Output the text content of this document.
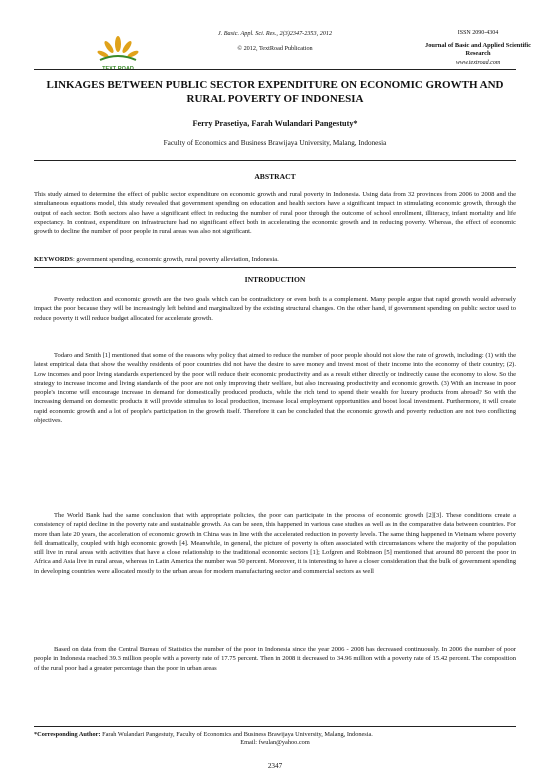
J. Basic. Appl. Sci. Res., 2(3)2347-2353, 2012
© 2012, TextRoad Publication
ISSN 2090-4304
Journal of Basic and Applied Scientific Research
www.textroad.com
LINKAGES BETWEEN PUBLIC SECTOR EXPENDITURE ON ECONOMIC GROWTH AND RURAL POVERTY OF INDONESIA
Ferry Prasetiya, Farah Wulandari Pangestuty*
Faculty of Economics and Business Brawijaya University, Malang, Indonesia
ABSTRACT

This study aimed to determine the effect of public sector expenditure on economic growth and rural poverty in Indonesia. Using data from 32 provinces from 2006 to 2008 and the simultaneous equations model, this study revealed that government spending on education and health sectors have a significant impact in stimulating economic growth, through the output of each sector. Both sectors also have a significant effect in reducing the number of rural poor through the outcome of school enrollment, illiteracy, infant mortality and life expectancy. In contrast, expenditure on infrastructure had no significant effect both in accelerating the economic growth and in reducing poverty. Whereas, the effect of economic growth to decline the number of poor people in rural areas was also not significant.

KEYWORDS: government spending, economic growth, rural poverty alleviation, Indonesia.
INTRODUCTION

Poverty reduction and economic growth are the two goals which can be contradictory or even both is a complement. Many people argue that rapid growth would adversely impact the poor because they will be increasingly left behind and marginalized by the existing structural changes. On the other hand, if government spending on public sector used to reduce poverty it will reduce budget allocated for accelerate growth.

Todaro and Smith [1] mentioned that some of the reasons why policy that aimed to reduce the number of poor people should not slow the rate of growth, including: (1) with the latest empirical data that show the wealthy residents of poor countries did not have the desire to save money and invest most of their income into the economy of their country; (2). Low incomes and poor living standards experienced by the poor will reduce their economic productivity and as a result either directly or indirectly cause the economy to slow. So the strategy to increase income and living standards of the poor are not only improving their welfare, but also increasing productivity and economic growth. (3) With an increase in poor people's income will encourage increase in demand for domestically produced products, while the rich tend to spend their wealth for luxury products from abroad? So with the increasing demand on domestic products it will provide stimulus to local production, increase local employment opportunities and boost local investment. Furthermore, it will create rapid economic growth and a lot of people's participation in the growth itself. Therefore it can be concluded that the economic growth and poverty reduction are not two conflicting objectives.

The World Bank had the same conclusion that with appropriate policies, the poor can participate in the process of economic growth [2][3]. These conditions create a consistency of rapid decline in the poverty rate and sustainable growth. As can be seen, this happened in various case studies as well as in the comparative data between countries. For more than late 20 years, the acceleration of economic growth in China was in line with the accelerated reduction in poverty levels. The same thing happened in Vietnam where poverty fell dramatically, coupled with high economic growth [4]. Meanwhile, in general, the picture of poverty is often associated with circumstances where the majority of the population still live in rural areas with activities that have a close relationship to the traditional economic sectors [1]; Lofgren and Robinson [5] mentioned that around 80 percent the poor in Africa and Asia live in rural areas, whereas in Latin America the number was 50 percent. Moreover, it is interesting to have a closer consideration that the bulk of government spending in developing countries were allocated mostly to the urban areas for modern manufacturing sector and commercial sectors as well

Based on data from the Central Bureau of Statistics the number of the poor in Indonesia since the year 2006 - 2008 has decreased continuously. In 2006 the number of poor people in Indonesia reached 39.3 million people with a poverty rate of 17.75 percent. Then in 2008 it decreased to 34.96 million with a poverty rate of 15.42 percent. The composition of the rural poor had a greater percentage than the poor in urban areas

*Corresponding Author: Farah Wulandari Pangestuty, Faculty of Economics and Business Brawijaya University, Malang, Indonesia.
Email: fwulan@yahoo.com
2347
